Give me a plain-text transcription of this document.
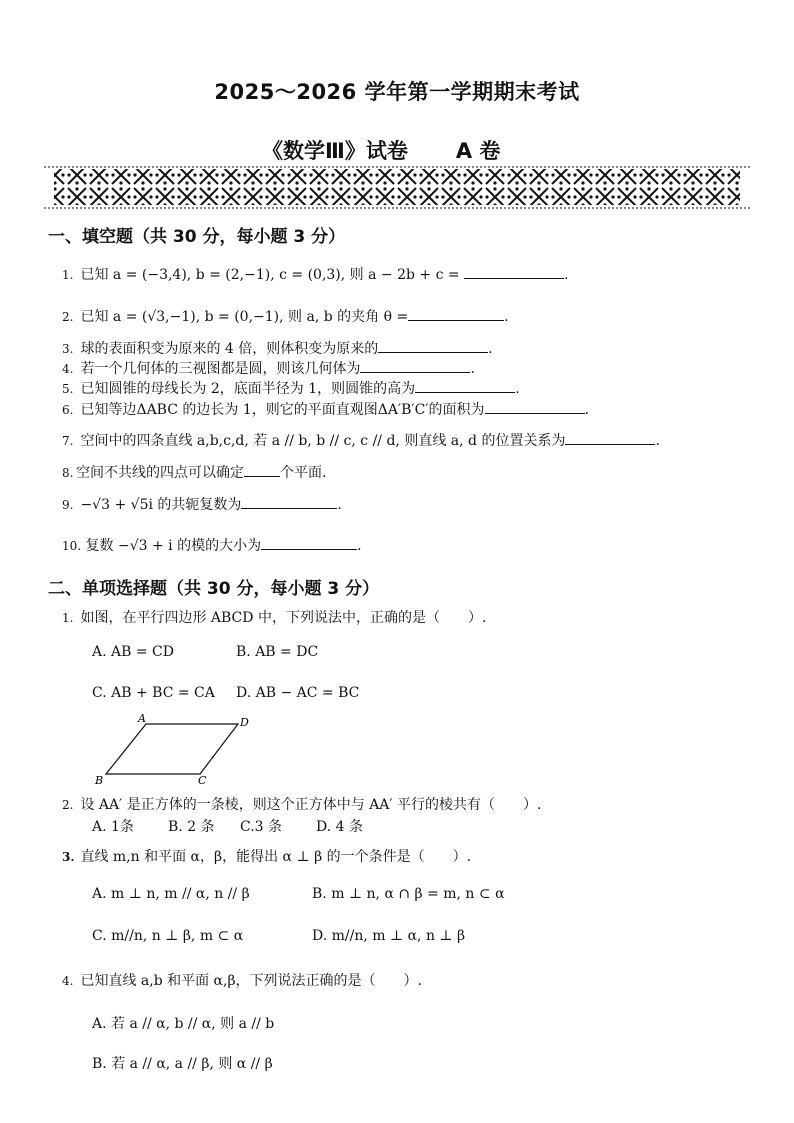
2025～2026 学年第一学期期末考试
《数学Ⅲ》试卷 A 卷
一、填空题（共 30 分，每小题 3 分）
1. 已知 a = (−3,4), b = (2,−1), c = (0,3), 则 a − 2b + c =	.
2. 已知 a = (√3,−1), b = (0,−1), 则 a, b 的夹角 θ =	.
3. 球的表面积变为原来的 4 倍，则体积变为原来的	.
4. 若一个几何体的三视图都是圆，则该几何体为	.
5. 已知圆锥的母线长为 2，底面半径为 1，则圆锥的高为	.
6. 已知等边ΔABC 的边长为 1，则它的平面直观图ΔA′B′C′的面积为	.
7. 空间中的四条直线 a,b,c,d, 若 a // b, b // c, c // d, 则直线 a, d 的位置关系为	.
8. 空间不共线的四点可以确定	个平面.
9. −√3 + √5i 的共轭复数为	.
10. 复数 −√3 + i 的模的大小为	.
二、单项选择题（共 30 分，每小题 3 分）
1. 如图，在平行四边形 ABCD 中，下列说法中，正确的是（　　）.
A. AB = CD	B. AB = DC
C. AB + BC = CA D. AB − AC = BC
A	D
B	C
2. 设 AA′ 是正方体的一条棱，则这个正方体中与 AA′ 平行的棱共有（　　）.
A. 1条 B. 2 条 C.3 条 D. 4 条
3. 直线 m,n 和平面 α，β，能得出 α ⊥ β 的一个条件是（　　）.
A. m ⊥ n, m // α, n // β	B. m ⊥ n, α ∩ β = m, n ⊂ α
C. m//n, n ⊥ β, m ⊂ α	D. m//n, m ⊥ α, n ⊥ β
4. 已知直线 a,b 和平面 α,β，下列说法正确的是（　　）.
A. 若 a // α, b // α, 则 a // b
B. 若 a // α, a // β, 则 α // β
